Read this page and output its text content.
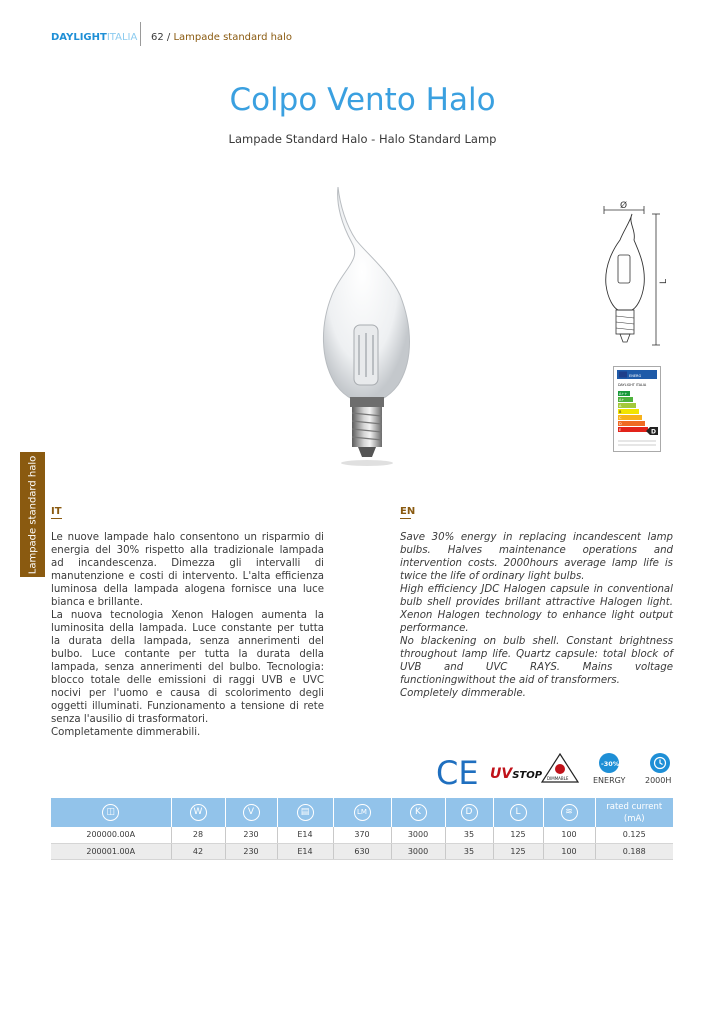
DAYLIGHT ITALIA 62 / Lampade standard halo
Colpo Vento Halo
Lampade Standard Halo - Halo Standard Lamp
Ø
L
ENERG
DAYLIGHT ITALIA
A++
A+
A
B
C
D
E	D
Lampade standard halo IT	EN

Le nuove lampade halo consentono un risparmio di energia del 30% rispetto alla tradizionale lampada ad incandescenza. Dimezza gli intervalli di manutenzione e costi di intervento. L'alta efficienza luminosa della lampada alogena fornisce una luce bianca e brillante.

La nuova tecnologia Xenon Halogen aumenta la luminosita della lampada. Luce constante per tutta la durata della lampada, senza annerimenti del bulbo. Luce contante per tutta la durata della lampada, senza annerimenti del bulbo. Tecnologia: blocco totale delle emissioni di raggi UVB e UVC nocivi per l'uomo e causa di scolorimento degli oggetti illuminati. Funzionamento a tensione di rete senza l'ausilio di trasformatori.

Completamente dimmerabili.

Save 30% energy in replacing incandescent lamp bulbs. Halves maintenance operations and intervention costs. 2000hours average lamp life is twice the life of ordinary light bulbs.

High efficiency JDC Halogen capsule in conventional bulb shell provides brillant attractive Halogen light. Xenon Halogen technology to enhance light output performance.

No blackening on bulb shell. Constant brightness throughout lamp life. Quartz capsule: total block of UVB and UVC RAYS. Mains voltage functioningwithout the aid of transformers.

Completely dimmerable.

CE UVSTOP DIMMABLE
-30%
ENERGY 2000H
◫	W	V	▤	LM	K	D	L	≋	rated current (mA)

200000.00A	28	230	E14	370	3000	35	125	100	0.125
200001.00A	42	230	E14	630	3000	35	125	100	0.188
